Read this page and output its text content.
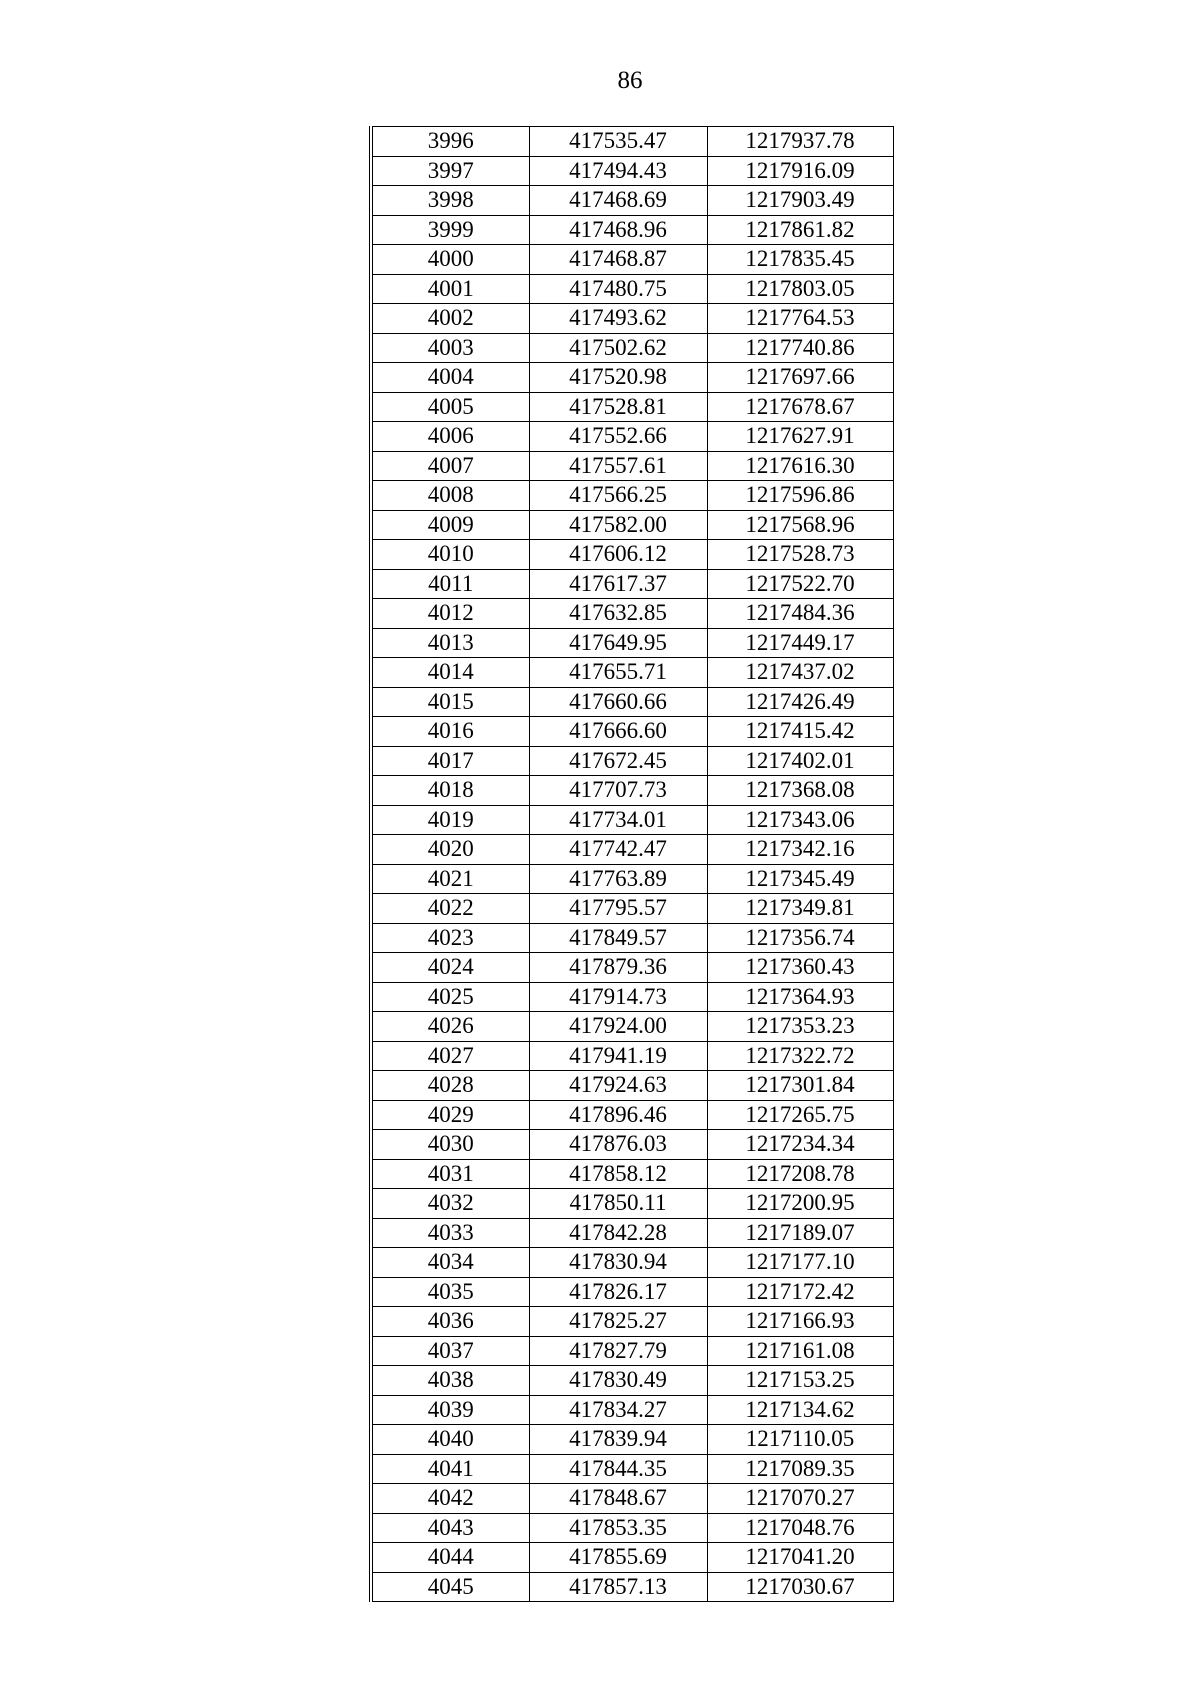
86
3996	417535.47	1217937.78
3997	417494.43	1217916.09
3998	417468.69	1217903.49
3999	417468.96	1217861.82
4000	417468.87	1217835.45
4001	417480.75	1217803.05
4002	417493.62	1217764.53
4003	417502.62	1217740.86
4004	417520.98	1217697.66
4005	417528.81	1217678.67
4006	417552.66	1217627.91
4007	417557.61	1217616.30
4008	417566.25	1217596.86
4009	417582.00	1217568.96
4010	417606.12	1217528.73
4011	417617.37	1217522.70
4012	417632.85	1217484.36
4013	417649.95	1217449.17
4014	417655.71	1217437.02
4015	417660.66	1217426.49
4016	417666.60	1217415.42
4017	417672.45	1217402.01
4018	417707.73	1217368.08
4019	417734.01	1217343.06
4020	417742.47	1217342.16
4021	417763.89	1217345.49
4022	417795.57	1217349.81
4023	417849.57	1217356.74
4024	417879.36	1217360.43
4025	417914.73	1217364.93
4026	417924.00	1217353.23
4027	417941.19	1217322.72
4028	417924.63	1217301.84
4029	417896.46	1217265.75
4030	417876.03	1217234.34
4031	417858.12	1217208.78
4032	417850.11	1217200.95
4033	417842.28	1217189.07
4034	417830.94	1217177.10
4035	417826.17	1217172.42
4036	417825.27	1217166.93
4037	417827.79	1217161.08
4038	417830.49	1217153.25
4039	417834.27	1217134.62
4040	417839.94	1217110.05
4041	417844.35	1217089.35
4042	417848.67	1217070.27
4043	417853.35	1217048.76
4044	417855.69	1217041.20
4045	417857.13	1217030.67
